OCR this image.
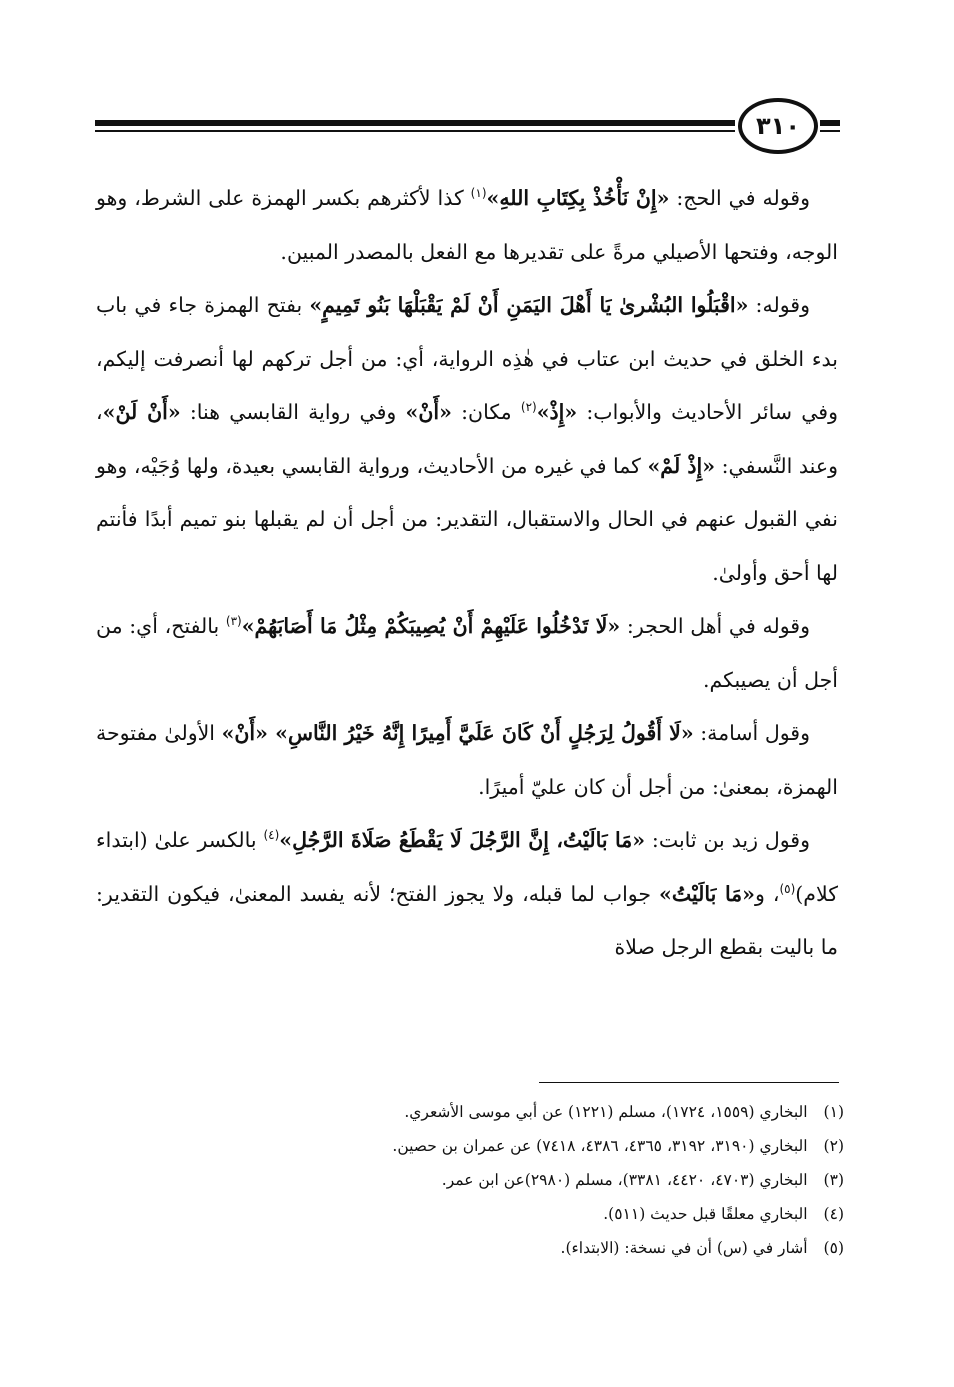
٣١٠

وقوله في الحج: «إِنْ نَأْخُذْ بِكِتَابِ اللهِ»$^{(١)}$ كذا لأكثرهم بكسر الهمزة على الشرط، وهو الوجه، وفتحها الأصيلي مرةً على تقديرها مع الفعل بالمصدر المبين.

وقوله: «اقْبَلُوا البُشْرىٰ يَا أَهْلَ اليَمَنِ أَنْ لَمْ يَقْبَلْهَا بَنُو تَمِيمٍ» بفتح الهمزة جاء في باب بدء الخلق في حديث ابن عتاب في هٰذِه الرواية، أي: من أجل تركهم لها أنصرفت إليكم، وفي سائر الأحاديث والأبواب: «إِذْ»$^{(٢)}$ مكان: «أَنْ» وفي رواية القابسي هنا: «أَنْ لَنْ»، وعند النَّسفي: «إِذْ لَمْ» كما في غيره من الأحاديث، ورواية القابسي بعيدة، ولها وُجَيْه، وهو نفي القبول عنهم في الحال والاستقبال، التقدير: من أجل أن لم يقبلها بنو تميم أبدًا فأنتم لها أحق وأولىٰ.

وقوله في أهل الحجر: «لَا تَدْخُلُوا عَلَيْهِمْ أَنْ يُصِيبَكُمْ مِثْلُ مَا أَصَابَهُمْ»$^{(٣)}$ بالفتح، أي: من أجل أن يصيبكم.

وقول أسامة: «لَا أَقُولُ لِرَجُلٍ أَنْ كَانَ عَلَيَّ أَمِيرًا إِنَّهُ خَيْرُ النَّاسِ» «أَنْ» الأولىٰ مفتوحة الهمزة، بمعنىٰ: من أجل أن كان عليّ أميرًا.

وقول زيد بن ثابت: «مَا بَالَيْتُ، إِنَّ الرَّجُلَ لَا يَقْطَعُ صَلَاةَ الرَّجُلِ»$^{(٤)}$ بالكسر علىٰ (ابتداء كلام)$^{(٥)}$، و«مَا بَالَيْتُ» جواب لما قبله، ولا يجوز الفتح؛ لأنه يفسد المعنىٰ، فيكون التقدير: ما باليت بقطع الرجل صلاة

(١)
البخاري (١٥٥٩، ١٧٢٤)، مسلم (١٢٢١) عن أبي موسى الأشعري.
(٢)
البخاري (٣١٩٠، ٣١٩٢، ٤٣٦٥، ٤٣٨٦، ٧٤١٨) عن عمران بن حصين.
(٣)
البخاري (٤٧٠٣، ٤٤٢٠، ٣٣٨١)، مسلم (٢٩٨٠)عن ابن عمر.
(٤)
البخاري معلقًا قبل حديث (٥١١).
(٥)
أشار في (س) أن في نسخة: (الابتداء).
